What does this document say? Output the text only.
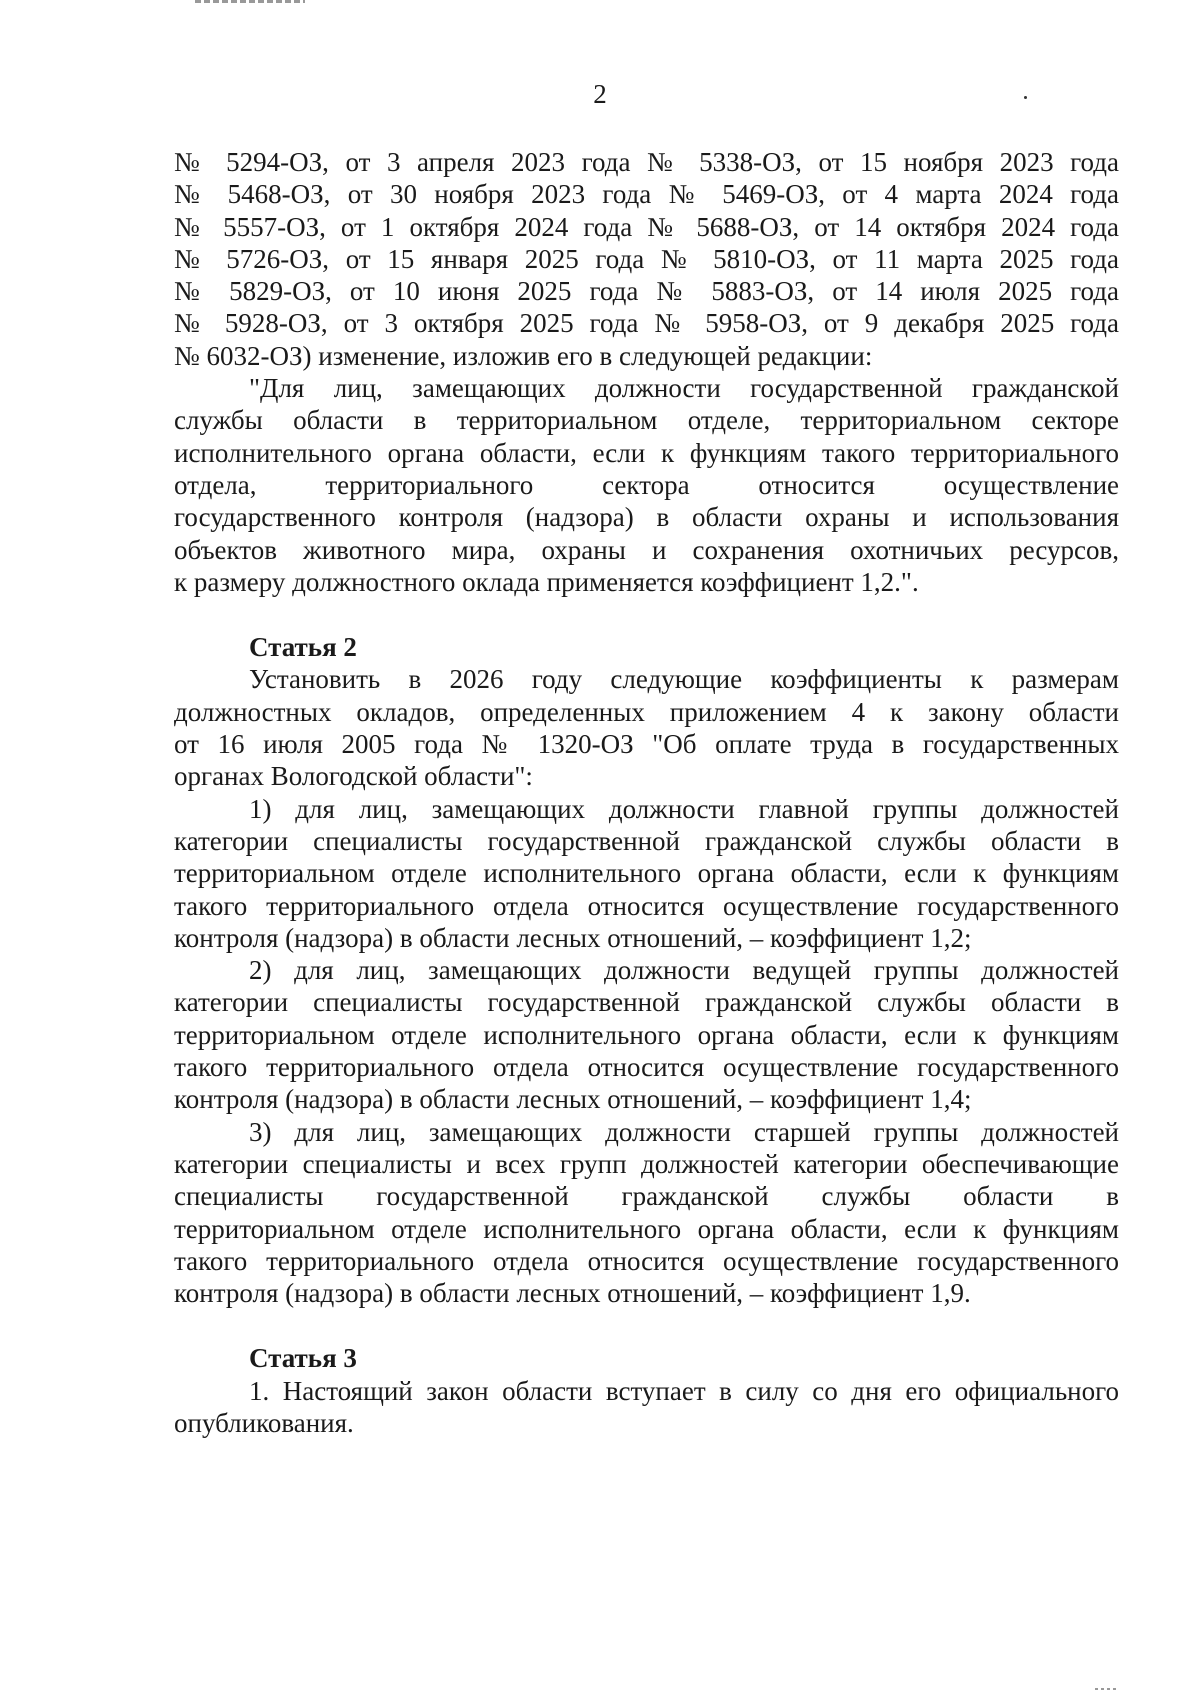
2
№ 5294-ОЗ, от 3 апреля 2023 года № 5338-ОЗ, от 15 ноября 2023 года
№ 5468-ОЗ, от 30 ноября 2023 года № 5469-ОЗ, от 4 марта 2024 года
№ 5557-ОЗ, от 1 октября 2024 года № 5688-ОЗ, от 14 октября 2024 года
№ 5726-ОЗ, от 15 января 2025 года № 5810-ОЗ, от 11 марта 2025 года
№ 5829-ОЗ, от 10 июня 2025 года № 5883-ОЗ, от 14 июля 2025 года
№ 5928-ОЗ, от 3 октября 2025 года № 5958-ОЗ, от 9 декабря 2025 года
№ 6032-ОЗ) изменение, изложив его в следующей редакции:
"Для лиц, замещающих должности государственной гражданской
службы области в территориальном отделе, территориальном секторе
исполнительного органа области, если к функциям такого территориального
отдела, территориального сектора относится осуществление
государственного контроля (надзора) в области охраны и использования
объектов животного мира, охраны и сохранения охотничьих ресурсов,
к размеру должностного оклада применяется коэффициент 1,2.".
Статья 2
Установить в 2026 году следующие коэффициенты к размерам
должностных окладов, определенных приложением 4 к закону области
от 16 июля 2005 года № 1320-ОЗ "Об оплате труда в государственных
органах Вологодской области":
1) для лиц, замещающих должности главной группы должностей
категории специалисты государственной гражданской службы области в
территориальном отделе исполнительного органа области, если к функциям
такого территориального отдела относится осуществление государственного
контроля (надзора) в области лесных отношений, – коэффициент 1,2;
2) для лиц, замещающих должности ведущей группы должностей
категории специалисты государственной гражданской службы области в
территориальном отделе исполнительного органа области, если к функциям
такого территориального отдела относится осуществление государственного
контроля (надзора) в области лесных отношений, – коэффициент 1,4;
3) для лиц, замещающих должности старшей группы должностей
категории специалисты и всех групп должностей категории обеспечивающие
специалисты государственной гражданской службы области в
территориальном отделе исполнительного органа области, если к функциям
такого территориального отдела относится осуществление государственного
контроля (надзора) в области лесных отношений, – коэффициент 1,9.
Статья 3
1. Настоящий закон области вступает в силу со дня его официального
опубликования.
